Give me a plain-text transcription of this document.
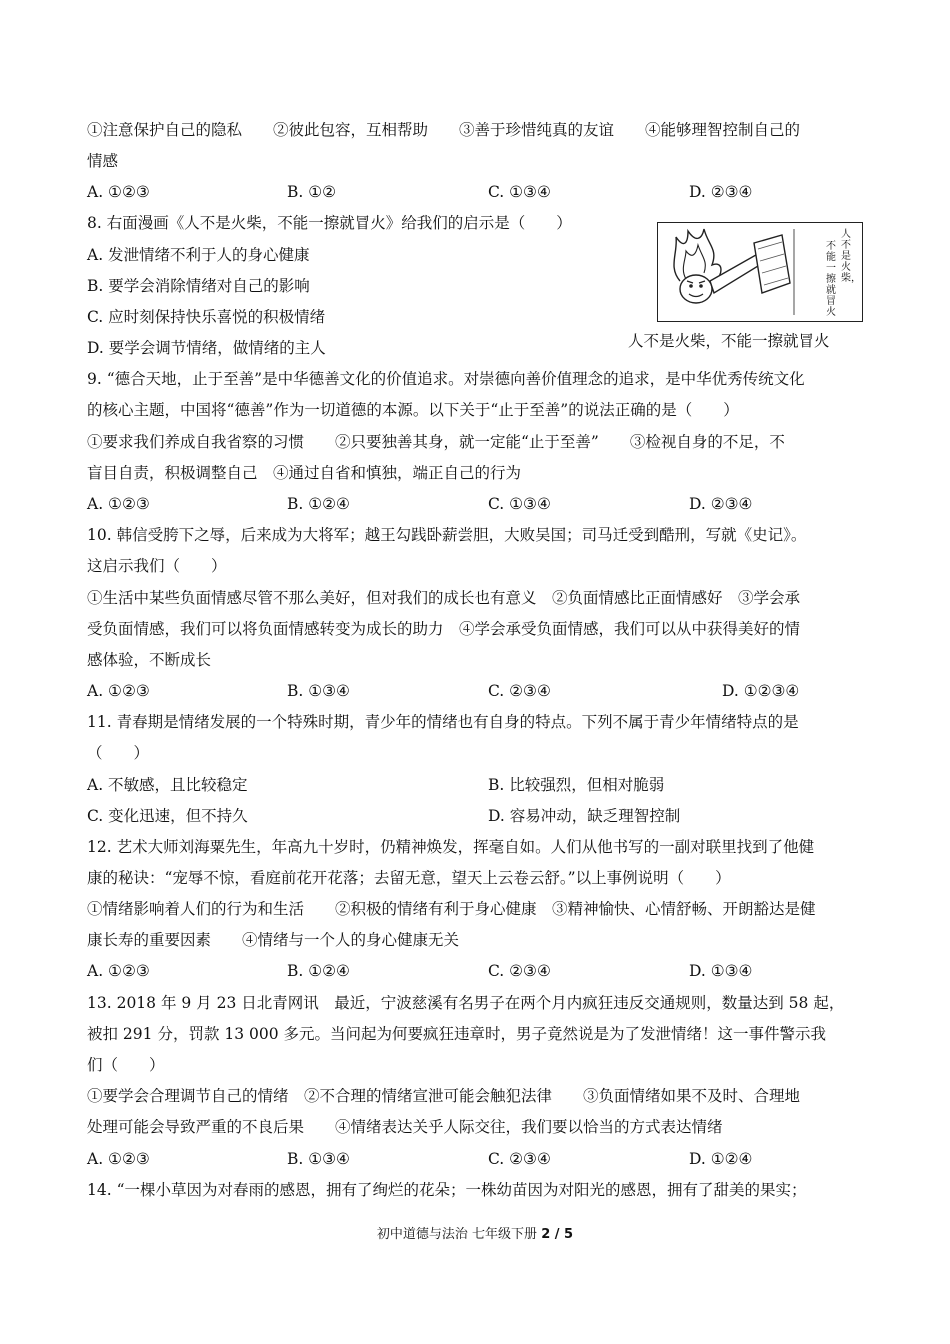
①注意保护自己的隐私　　②彼此包容，互相帮助　　③善于珍惜纯真的友谊　　④能够理智控制自己的
情感
A. ①②③	B. ①②	C. ①③④	D. ②③④
8. 右面漫画《人不是火柴，不能一擦就冒火》给我们的启示是（　　）
A. 发泄情绪不利于人的身心健康
B. 要学会消除情绪对自己的影响
C. 应时刻保持快乐喜悦的积极情绪
D. 要学会调节情绪，做情绪的主人
人不是火柴，
不能一擦就冒火
人不是火柴，不能一擦就冒火
9. “德合天地，止于至善”是中华德善文化的价值追求。对崇德向善价值理念的追求，是中华优秀传统文化
的核心主题，中国将“德善”作为一切道德的本源。以下关于“止于至善”的说法正确的是（　　）
①要求我们养成自我省察的习惯　　②只要独善其身，就一定能“止于至善”　　③检视自身的不足，不
盲目自责，积极调整自己　④通过自省和慎独，端正自己的行为
A. ①②③	B. ①②④	C. ①③④	D. ②③④
10. 韩信受胯下之辱，后来成为大将军；越王勾践卧薪尝胆，大败吴国；司马迁受到酷刑，写就《史记》。
这启示我们（　　）
①生活中某些负面情感尽管不那么美好，但对我们的成长也有意义　②负面情感比正面情感好　③学会承
受负面情感，我们可以将负面情感转变为成长的助力　④学会承受负面情感，我们可以从中获得美好的情
感体验，不断成长
A. ①②③	B. ①③④	C. ②③④	D. ①②③④
11. 青春期是情绪发展的一个特殊时期，青少年的情绪也有自身的特点。下列不属于青少年情绪特点的是
（　　）
A. 不敏感，且比较稳定	B. 比较强烈，但相对脆弱
C. 变化迅速，但不持久	D. 容易冲动，缺乏理智控制
12. 艺术大师刘海粟先生，年高九十岁时，仍精神焕发，挥毫自如。人们从他书写的一副对联里找到了他健
康的秘诀：“宠辱不惊，看庭前花开花落；去留无意，望天上云卷云舒。”以上事例说明（　　）
①情绪影响着人们的行为和生活　　②积极的情绪有利于身心健康　③精神愉快、心情舒畅、开朗豁达是健
康长寿的重要因素　　④情绪与一个人的身心健康无关
A. ①②③	B. ①②④	C. ②③④	D. ①③④
13. 2018 年 9 月 23 日北青网讯　最近，宁波慈溪有名男子在两个月内疯狂违反交通规则，数量达到 58 起，
被扣 291 分，罚款 13 000 多元。当问起为何要疯狂违章时，男子竟然说是为了发泄情绪！这一事件警示我
们（　　）
①要学会合理调节自己的情绪　②不合理的情绪宣泄可能会触犯法律　　③负面情绪如果不及时、合理地
处理可能会导致严重的不良后果　　④情绪表达关乎人际交往，我们要以恰当的方式表达情绪
A. ①②③	B. ①③④	C. ②③④	D. ①②④
14. “一棵小草因为对春雨的感恩，拥有了绚烂的花朵；一株幼苗因为对阳光的感恩，拥有了甜美的果实；
初中道德与法治 七年级下册 2 / 5
